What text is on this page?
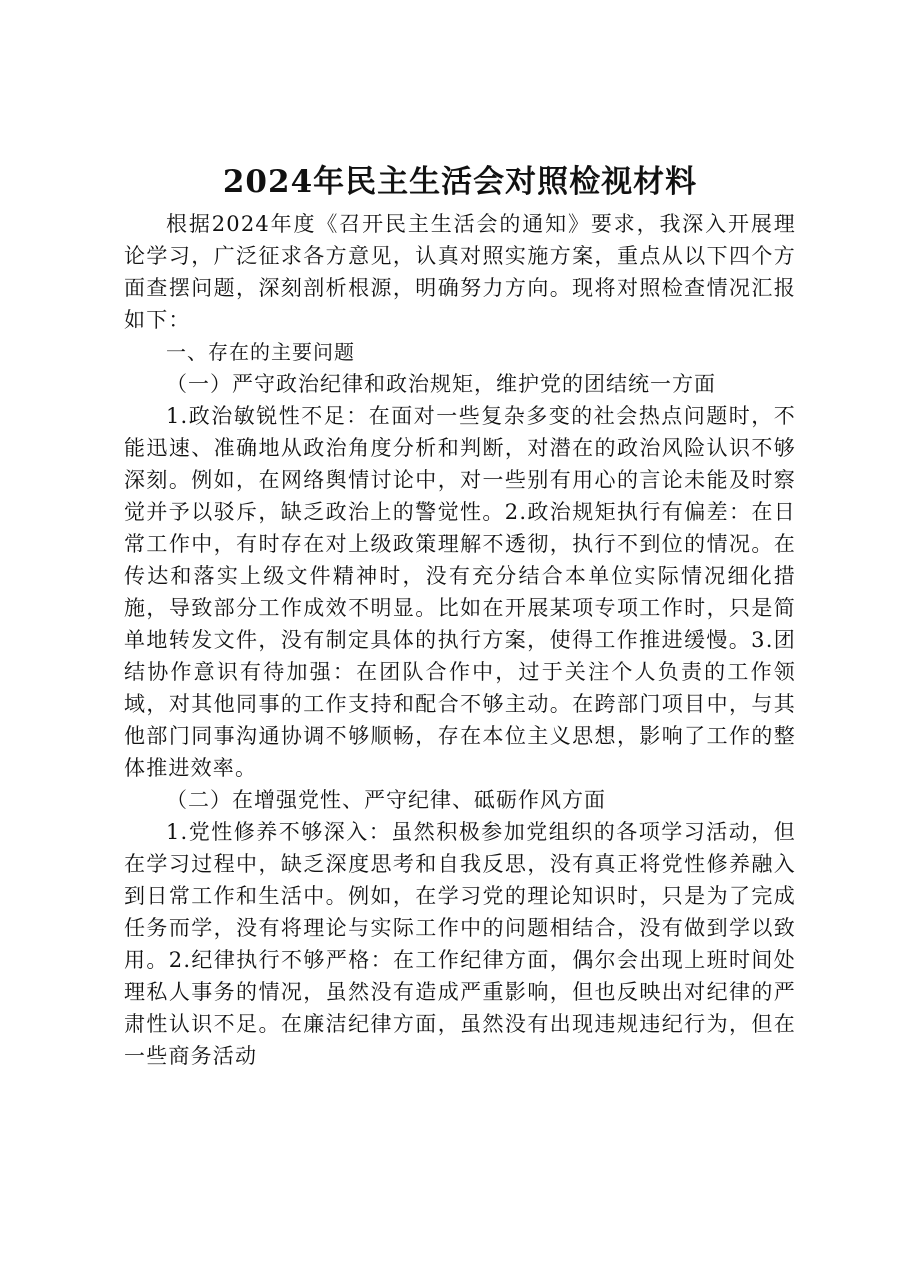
2024年民主生活会对照检视材料

根据2024年度《召开民主生活会的通知》要求，我深入开展理论学习，广泛征求各方意见，认真对照实施方案，重点从以下四个方面查摆问题，深刻剖析根源，明确努力方向。现将对照检查情况汇报如下：

一、存在的主要问题

（一）严守政治纪律和政治规矩，维护党的团结统一方面

1.政治敏锐性不足：在面对一些复杂多变的社会热点问题时，不能迅速、准确地从政治角度分析和判断，对潜在的政治风险认识不够深刻。例如，在网络舆情讨论中，对一些别有用心的言论未能及时察觉并予以驳斥，缺乏政治上的警觉性。2.政治规矩执行有偏差：在日常工作中，有时存在对上级政策理解不透彻，执行不到位的情况。在传达和落实上级文件精神时，没有充分结合本单位实际情况细化措施，导致部分工作成效不明显。比如在开展某项专项工作时，只是简单地转发文件，没有制定具体的执行方案，使得工作推进缓慢。3.团结协作意识有待加强：在团队合作中，过于关注个人负责的工作领域，对其他同事的工作支持和配合不够主动。在跨部门项目中，与其他部门同事沟通协调不够顺畅，存在本位主义思想，影响了工作的整体推进效率。

（二）在增强党性、严守纪律、砥砺作风方面

1.党性修养不够深入：虽然积极参加党组织的各项学习活动，但在学习过程中，缺乏深度思考和自我反思，没有真正将党性修养融入到日常工作和生活中。例如，在学习党的理论知识时，只是为了完成任务而学，没有将理论与实际工作中的问题相结合，没有做到学以致用。2.纪律执行不够严格：在工作纪律方面，偶尔会出现上班时间处理私人事务的情况，虽然没有造成严重影响，但也反映出对纪律的严肃性认识不足。在廉洁纪律方面，虽然没有出现违规违纪行为，但在一些商务活动
